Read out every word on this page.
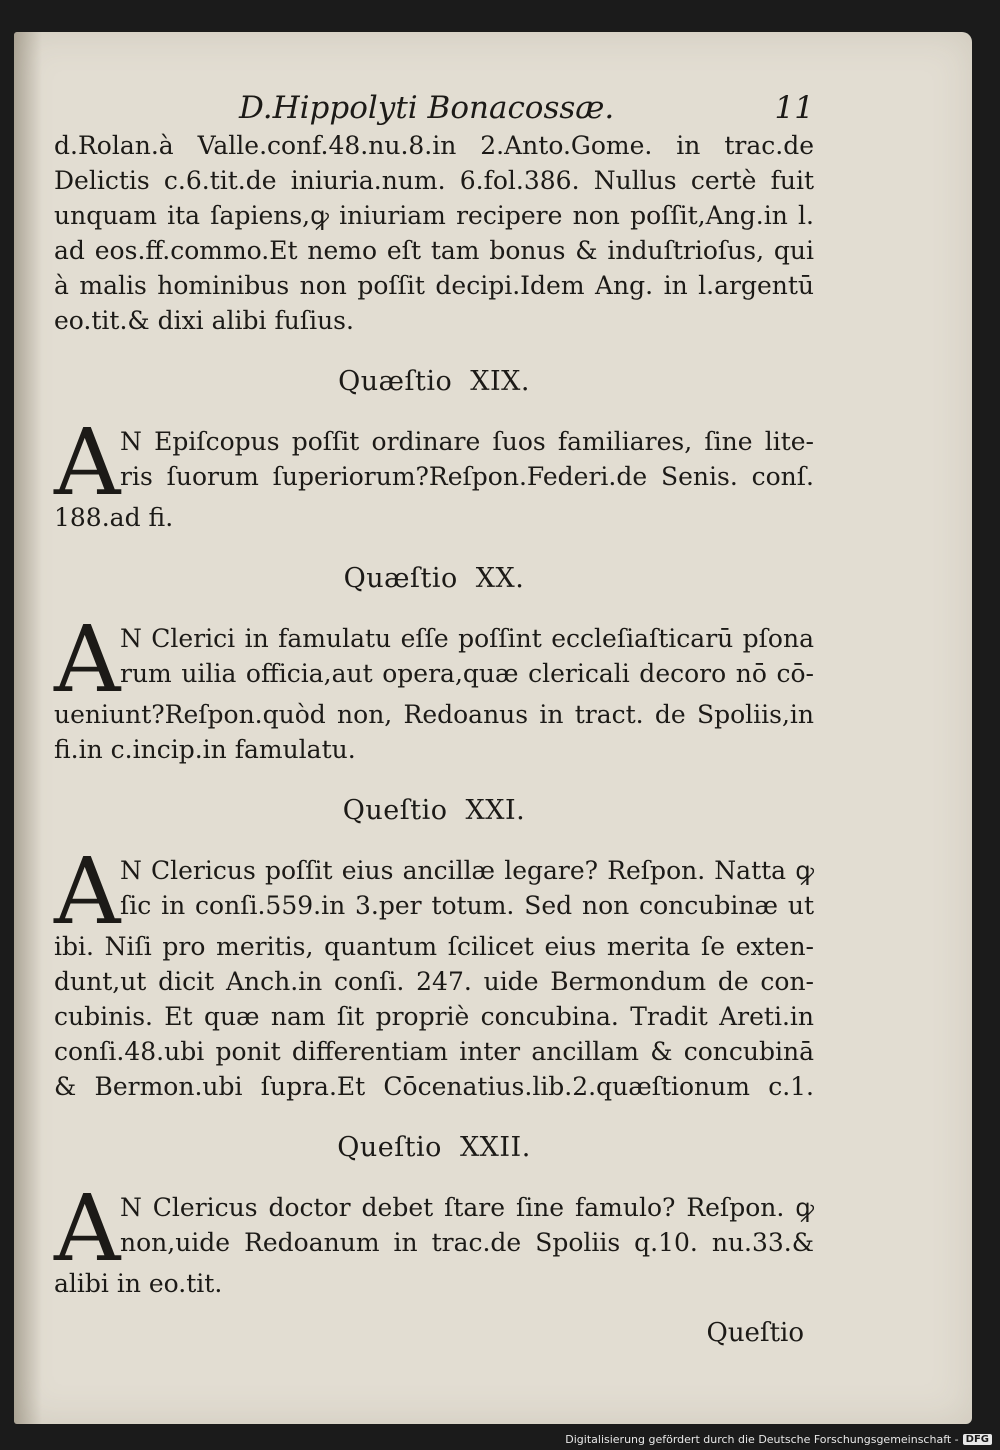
D.Hippolyti Bonacossæ.	11
d.Rolan.à Valle.conf.48.nu.8.in 2.Anto.Gome. in trac.de
Delictis c.6.tit.de iniuria.num. 6.fol.386. Nullus certè fuit
unquam ita ſapiens,ꝙ iniuriam recipere non poſſit,Ang.in l.
ad eos.ff.commo.Et nemo eſt tam bonus & induſtrioſus, qui
à malis hominibus non poſſit decipi.Idem Ang. in l.argentū
eo.tit.& dixi alibi fuſius.
Quæſtio XIX.
A N Epiſcopus poſſit ordinare ſuos familiares, ſine lite-
ris ſuorum ſuperiorum?Reſpon.Federi.de Senis. conſ.
188.ad fi.
Quæſtio XX.
A N Clerici in famulatu eſſe poſſint eccleſiaſticarū pſona
rum uilia officia,aut opera,quæ clericali decoro nō cō-
ueniunt?Reſpon.quòd non, Redoanus in tract. de Spoliis,in
fi.in c.incip.in famulatu.
Queſtio XXI.
A N Clericus poſſit eius ancillæ legare? Reſpon. Natta ꝙ
ſic in conſi.559.in 3.per totum. Sed non concubinæ ut
ibi. Niſi pro meritis, quantum ſcilicet eius merita ſe exten-
dunt,ut dicit Anch.in conſi. 247. uide Bermondum de con-
cubinis. Et quæ nam ſit propriè concubina. Tradit Areti.in
conſi.48.ubi ponit differentiam inter ancillam & concubinā
& Bermon.ubi ſupra.Et Cōcenatius.lib.2.quæſtionum c.1.
Queſtio XXII.
A N Clericus doctor debet ſtare ſine famulo? Reſpon. ꝙ
non,uide Redoanum in trac.de Spoliis q.10. nu.33.&
alibi in eo.tit.
Queſtio
Digitalisierung gefördert durch die Deutsche Forschungsgemeinschaft - DFG
